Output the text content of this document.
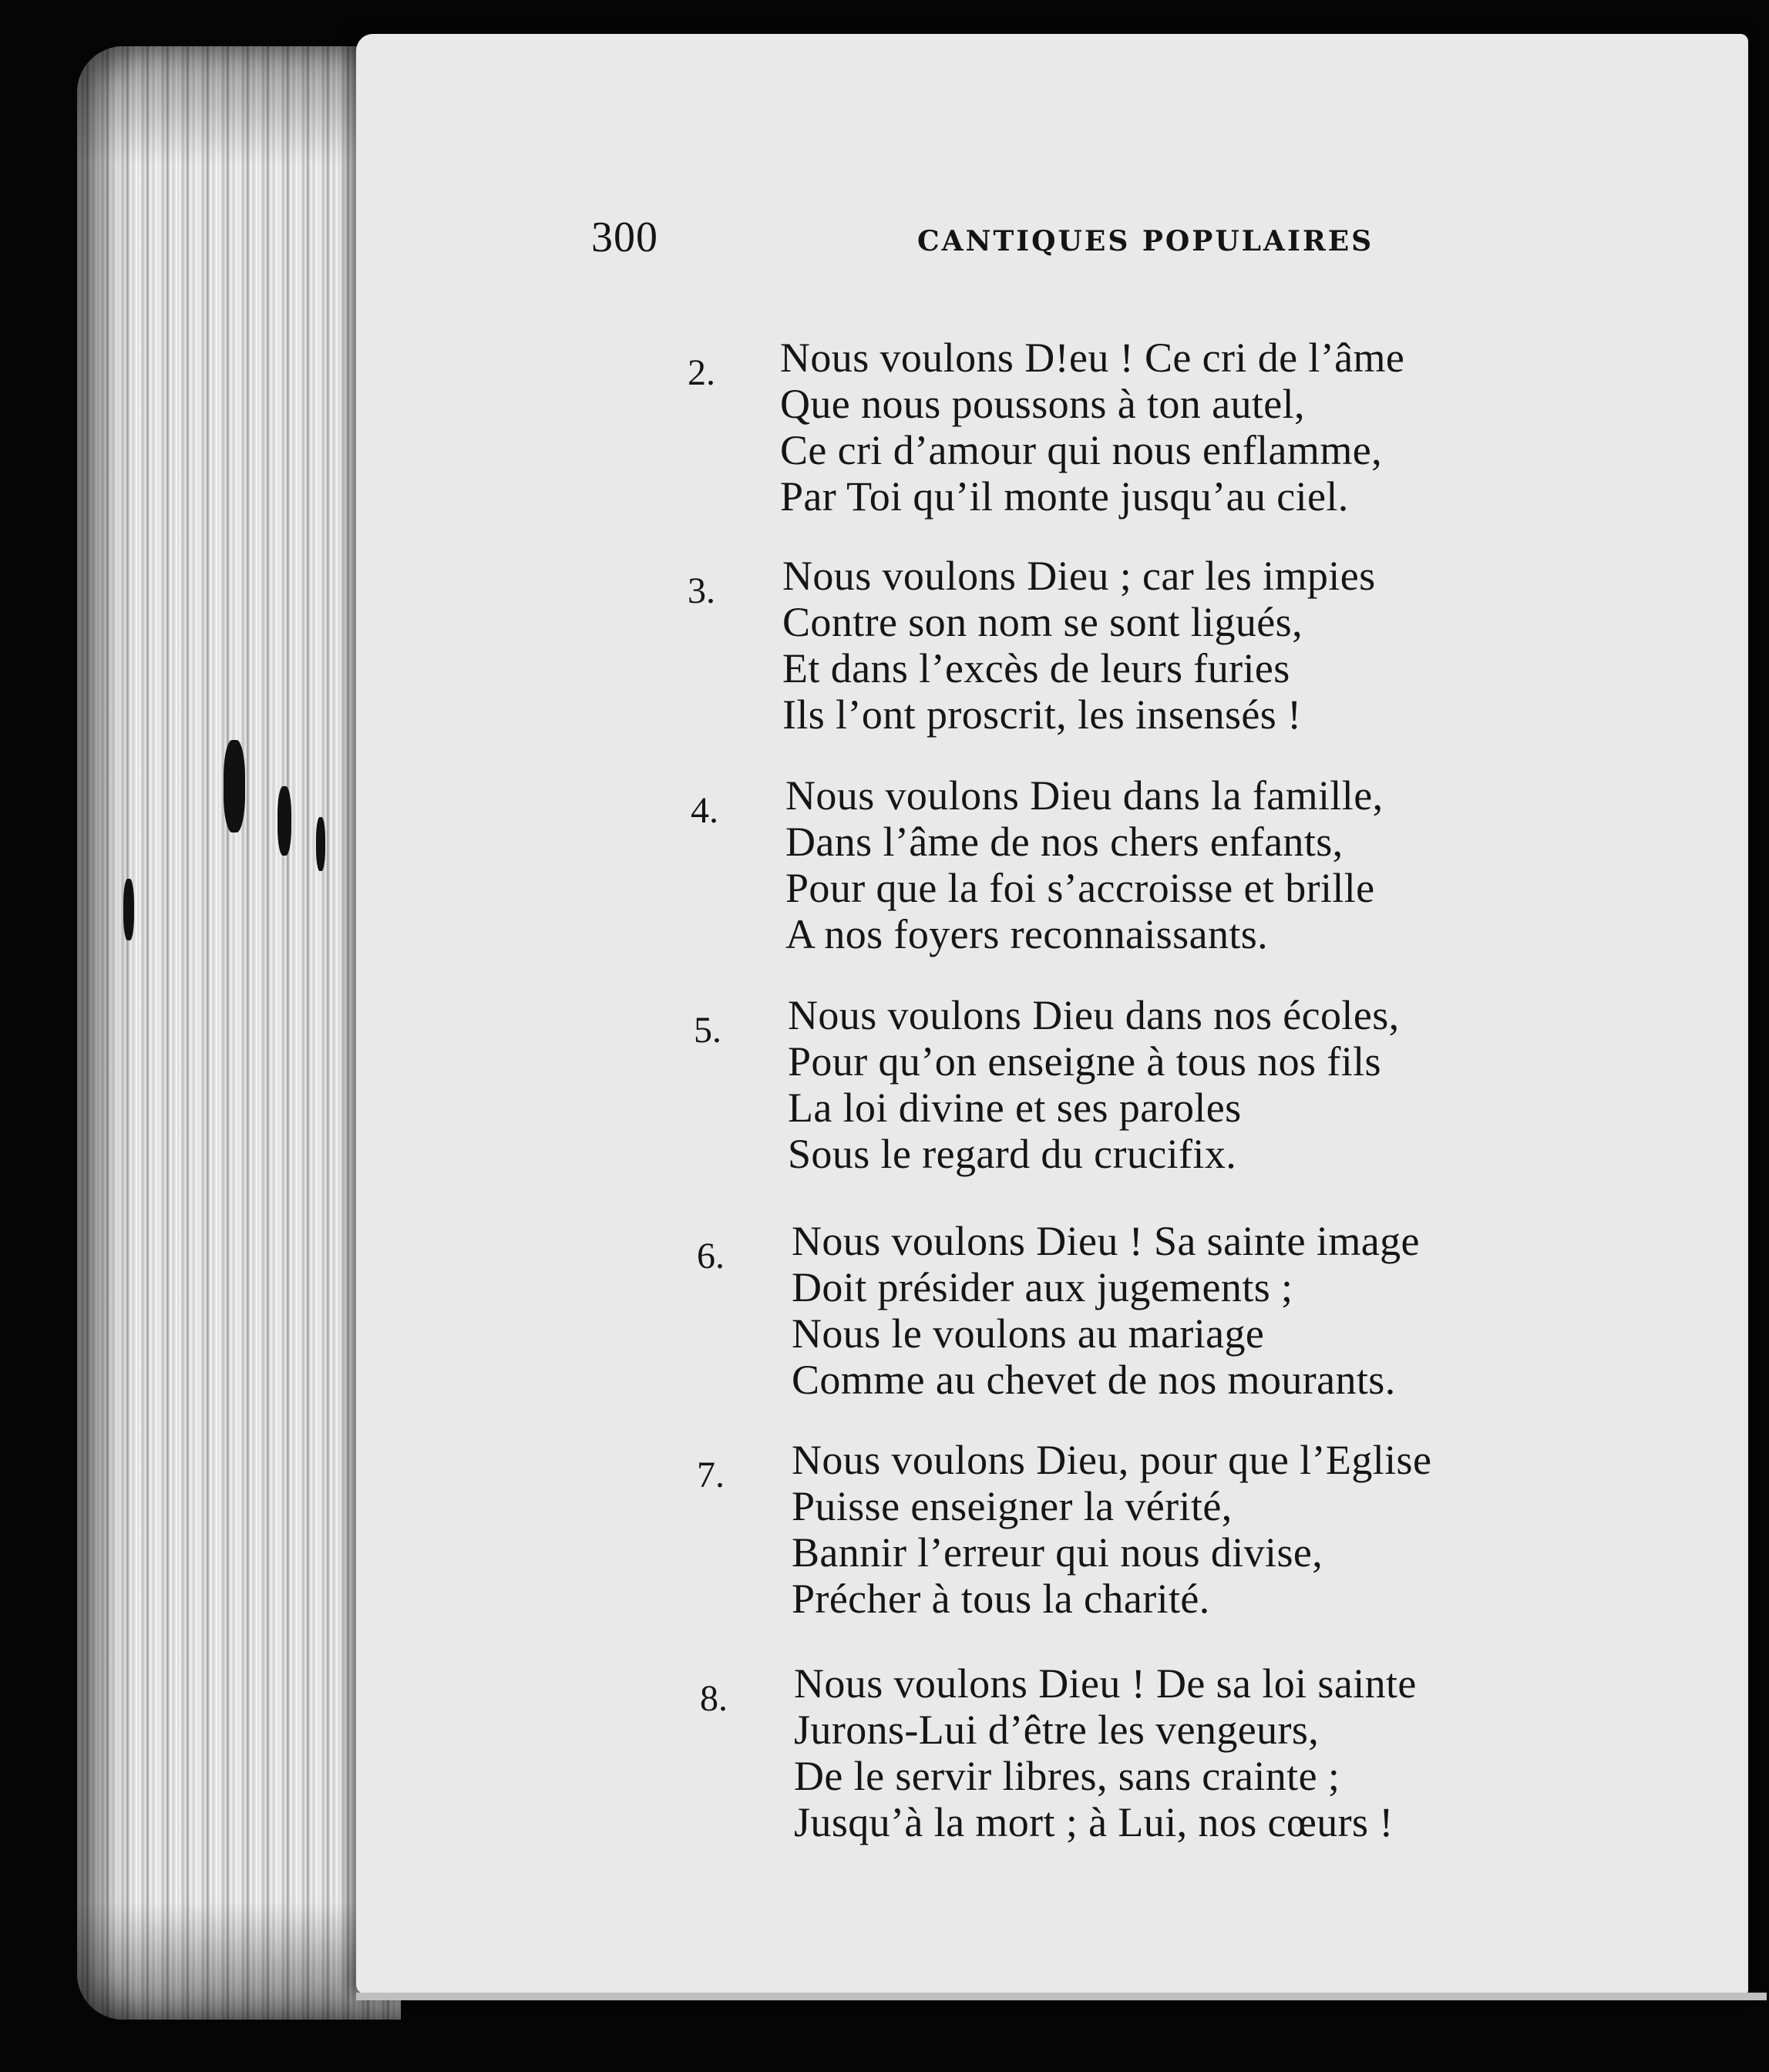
300	CANTIQUES POPULAIRES
2. Nous voulons D!eu ! Ce cri de l’âme
Que nous poussons à ton autel,
Ce cri d’amour qui nous enflamme,
Par Toi qu’il monte jusqu’au ciel.
3. Nous voulons Dieu ; car les impies
Contre son nom se sont ligués,
Et dans l’excès de leurs furies
Ils l’ont proscrit, les insensés !
4. Nous voulons Dieu dans la famille,
Dans l’âme de nos chers enfants,
Pour que la foi s’accroisse et brille
A nos foyers reconnaissants.
5. Nous voulons Dieu dans nos écoles,
Pour qu’on enseigne à tous nos fils
La loi divine et ses paroles
Sous le regard du crucifix.
6. Nous voulons Dieu ! Sa sainte image
Doit présider aux jugements ;
Nous le voulons au mariage
Comme au chevet de nos mourants.
7. Nous voulons Dieu, pour que l’Eglise
Puisse enseigner la vérité,
Bannir l’erreur qui nous divise,
Précher à tous la charité.
8. Nous voulons Dieu ! De sa loi sainte
Jurons-Lui d’être les vengeurs,
De le servir libres, sans crainte ;
Jusqu’à la mort ; à Lui, nos cœurs !
